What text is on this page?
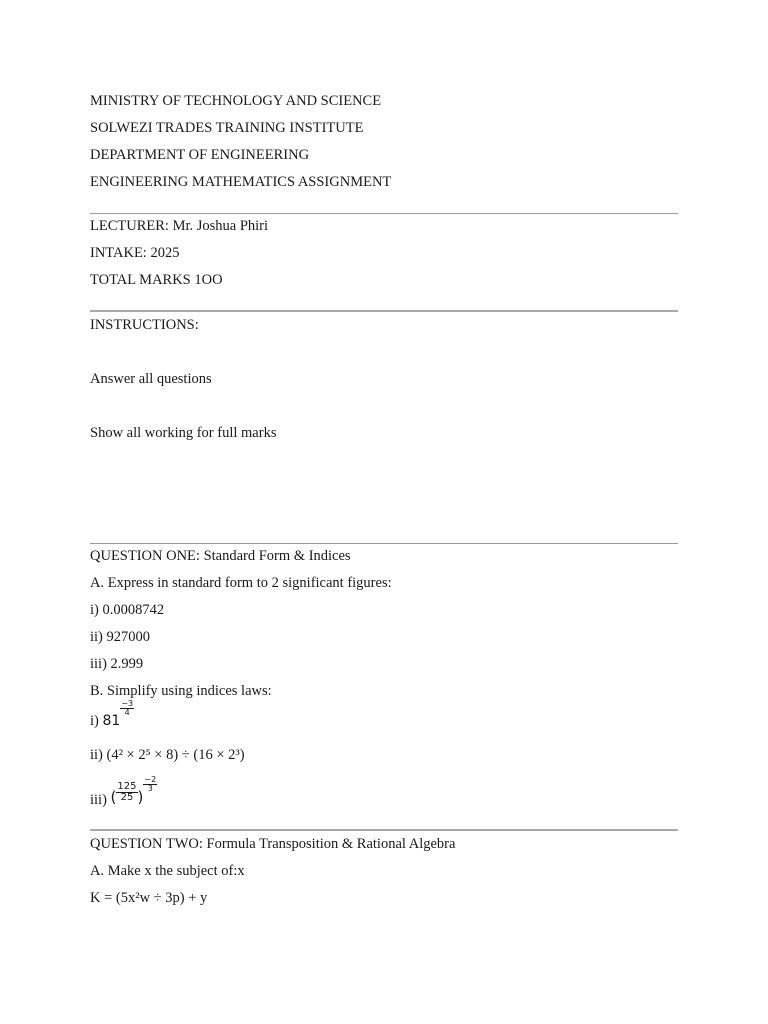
MINISTRY OF TECHNOLOGY AND SCIENCE
SOLWEZI TRADES TRAINING INSTITUTE
DEPARTMENT OF ENGINEERING
ENGINEERING MATHEMATICS ASSIGNMENT
LECTURER: Mr. Joshua Phiri
INTAKE: 2025
TOTAL MARKS 1OO
INSTRUCTIONS:
Answer all questions
Show all working for full marks
QUESTION ONE: Standard Form & Indices
A. Express in standard form to 2 significant figures:
i) 0.0008742
ii) 927000
iii) 2.999
B. Simplify using indices laws:
i) 81
$\frac{-3}{4}$
ii) (4² × 2⁵ × 8) ÷ (16 × 2³)
iii) ( $\frac{125}{25}$ )
$\frac{-2}{3}$
QUESTION TWO: Formula Transposition & Rational Algebra
A. Make x the subject of:x
K = (5x²w ÷ 3p) + y
